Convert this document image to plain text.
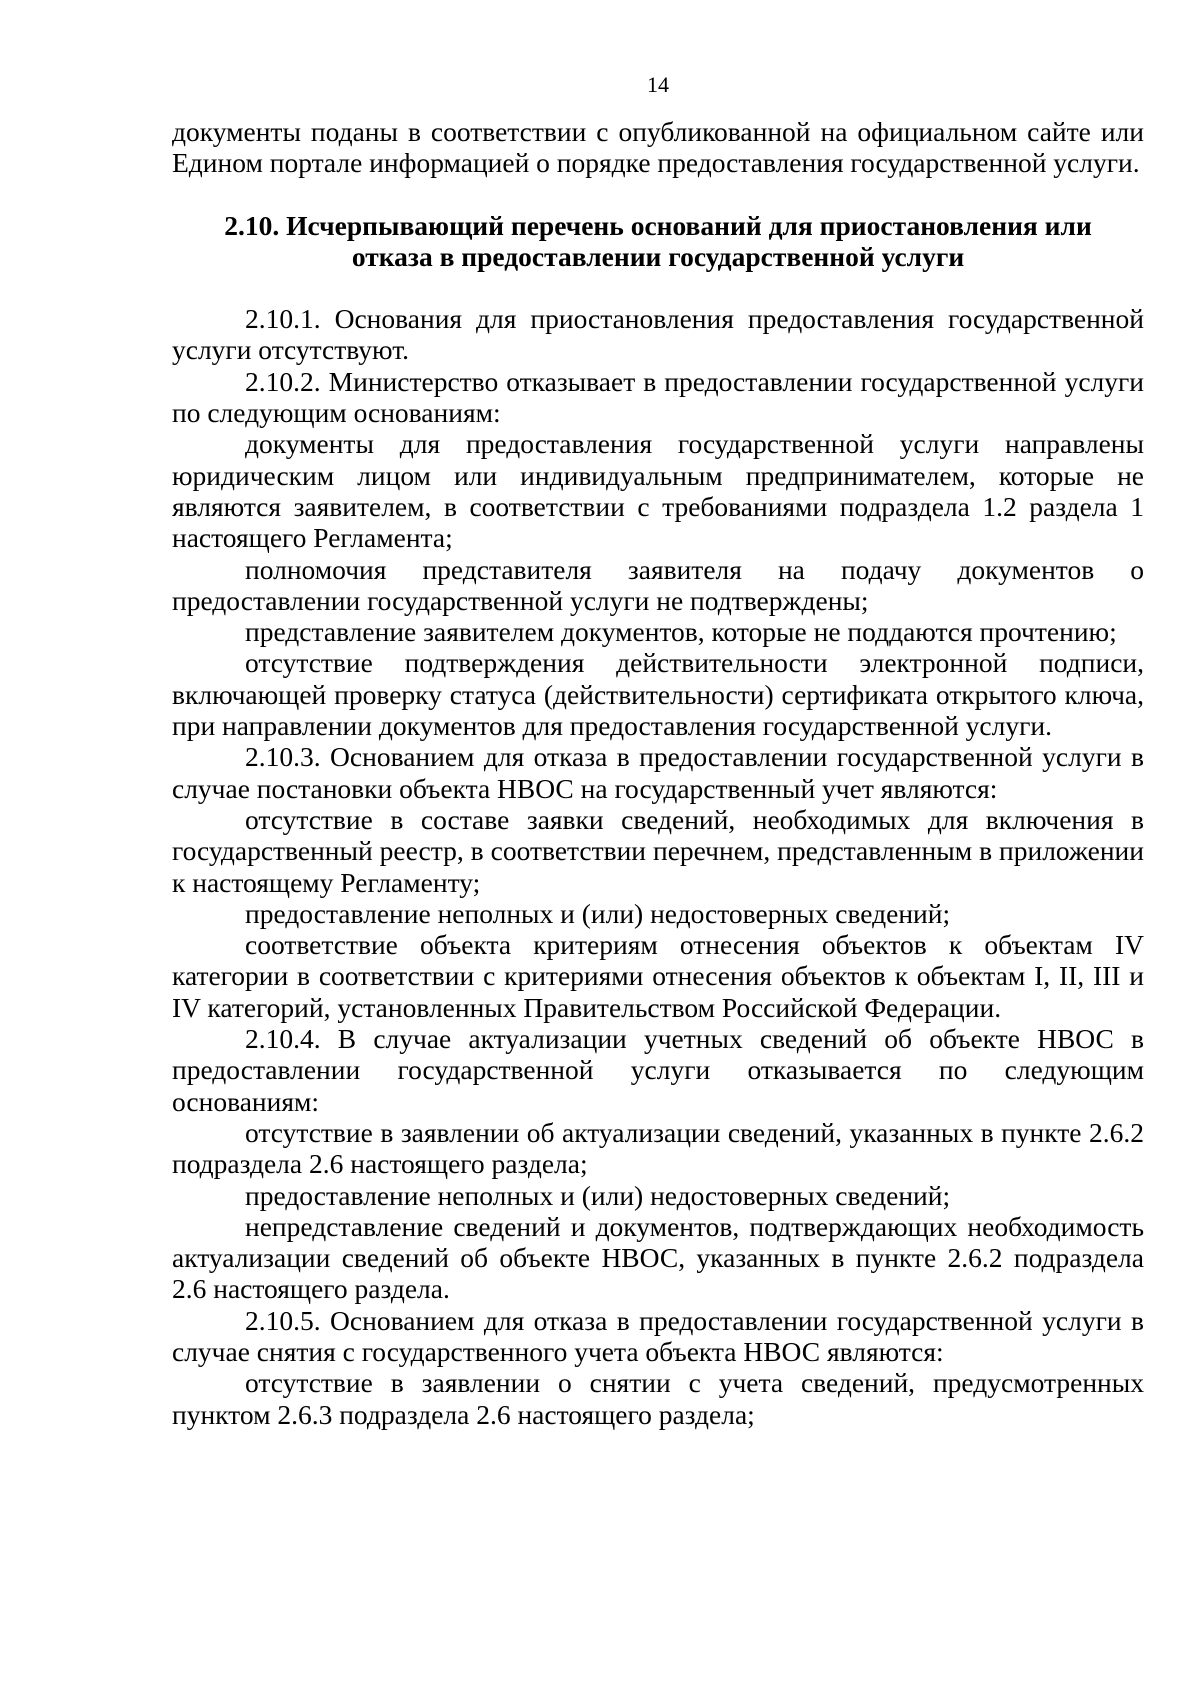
14

документы поданы в соответствии с опубликованной на официальном сайте или Едином портале информацией о порядке предоставления государственной услуги.

2.10. Исчерпывающий перечень оснований для приостановления или
отказа в предоставлении государственной услуги

2.10.1. Основания для приостановления предоставления государственной услуги отсутствуют.

2.10.2. Министерство отказывает в предоставлении государственной услуги по следующим основаниям:

документы для предоставления государственной услуги направлены юридическим лицом или индивидуальным предпринимателем, которые не являются заявителем, в соответствии с требованиями подраздела 1.2 раздела 1 настоящего Регламента;

полномочия представителя заявителя на подачу документов о предоставлении государственной услуги не подтверждены;

представление заявителем документов, которые не поддаются прочтению;

отсутствие подтверждения действительности электронной подписи, включающей проверку статуса (действительности) сертификата открытого ключа, при направлении документов для предоставления государственной услуги.

2.10.3. Основанием для отказа в предоставлении государственной услуги в случае постановки объекта НВОС на государственный учет являются:

отсутствие в составе заявки сведений, необходимых для включения в государственный реестр, в соответствии перечнем, представленным в приложении к настоящему Регламенту;

предоставление неполных и (или) недостоверных сведений;

соответствие объекта критериям отнесения объектов к объектам IV категории в соответствии с критериями отнесения объектов к объектам I, II, III и IV категорий, установленных Правительством Российской Федерации.

2.10.4. В случае актуализации учетных сведений об объекте НВОС в предоставлении государственной услуги отказывается по следующим основаниям:

отсутствие в заявлении об актуализации сведений, указанных в пункте 2.6.2 подраздела 2.6 настоящего раздела;

предоставление неполных и (или) недостоверных сведений;

непредставление сведений и документов, подтверждающих необходимость актуализации сведений об объекте НВОС, указанных в пункте 2.6.2 подраздела 2.6 настоящего раздела.

2.10.5. Основанием для отказа в предоставлении государственной услуги в случае снятия с государственного учета объекта НВОС являются:

отсутствие в заявлении о снятии с учета сведений, предусмотренных пунктом 2.6.3 подраздела 2.6 настоящего раздела;
